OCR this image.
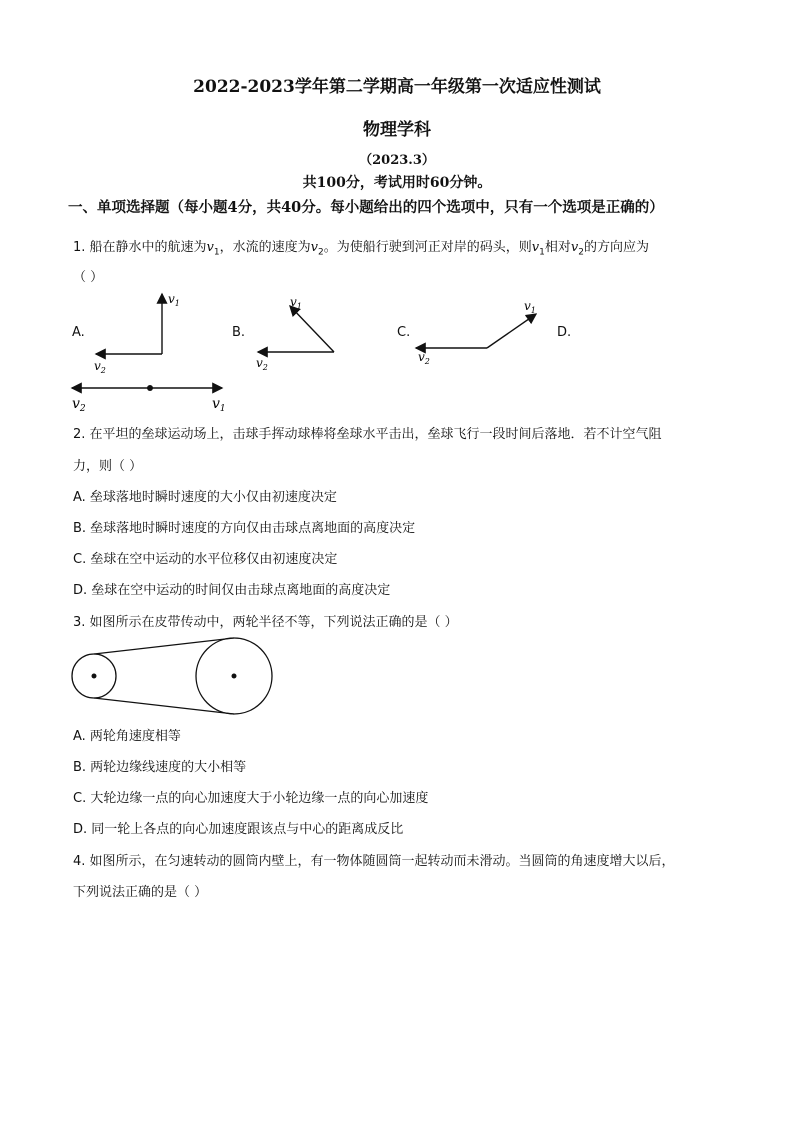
2022-2023学年第二学期高一年级第一次适应性测试
物理学科
（2023.3）
共100分，考试用时60分钟。
一、单项选择题（每小题4分，共40分。每小题给出的四个选项中，只有一个选项是正确的）
1. 船在静水中的航速为$v_1$，水流的速度为$v_2$。为使船行驶到河正对岸的码头，则$v_1$相对$v_2$的方向应为
（ ）
A.	B.	C.	D.
$v_1$
$v_2$
$v_1$
$v_2$
$v_1$
$v_2$
$v_1$
$v_2$
2. 在平坦的垒球运动场上，击球手挥动球棒将垒球水平击出，垒球飞行一段时间后落地．若不计空气阻
力，则（ ）
A. 垒球落地时瞬时速度的大小仅由初速度决定
B. 垒球落地时瞬时速度的方向仅由击球点离地面的高度决定
C. 垒球在空中运动的水平位移仅由初速度决定
D. 垒球在空中运动的时间仅由击球点离地面的高度决定
3. 如图所示在皮带传动中，两轮半径不等，下列说法正确的是（ ）
A. 两轮角速度相等
B. 两轮边缘线速度的大小相等
C. 大轮边缘一点的向心加速度大于小轮边缘一点的向心加速度
D. 同一轮上各点的向心加速度跟该点与中心的距离成反比
4. 如图所示，在匀速转动的圆筒内壁上，有一物体随圆筒一起转动而未滑动。当圆筒的角速度增大以后，
下列说法正确的是（ ）
